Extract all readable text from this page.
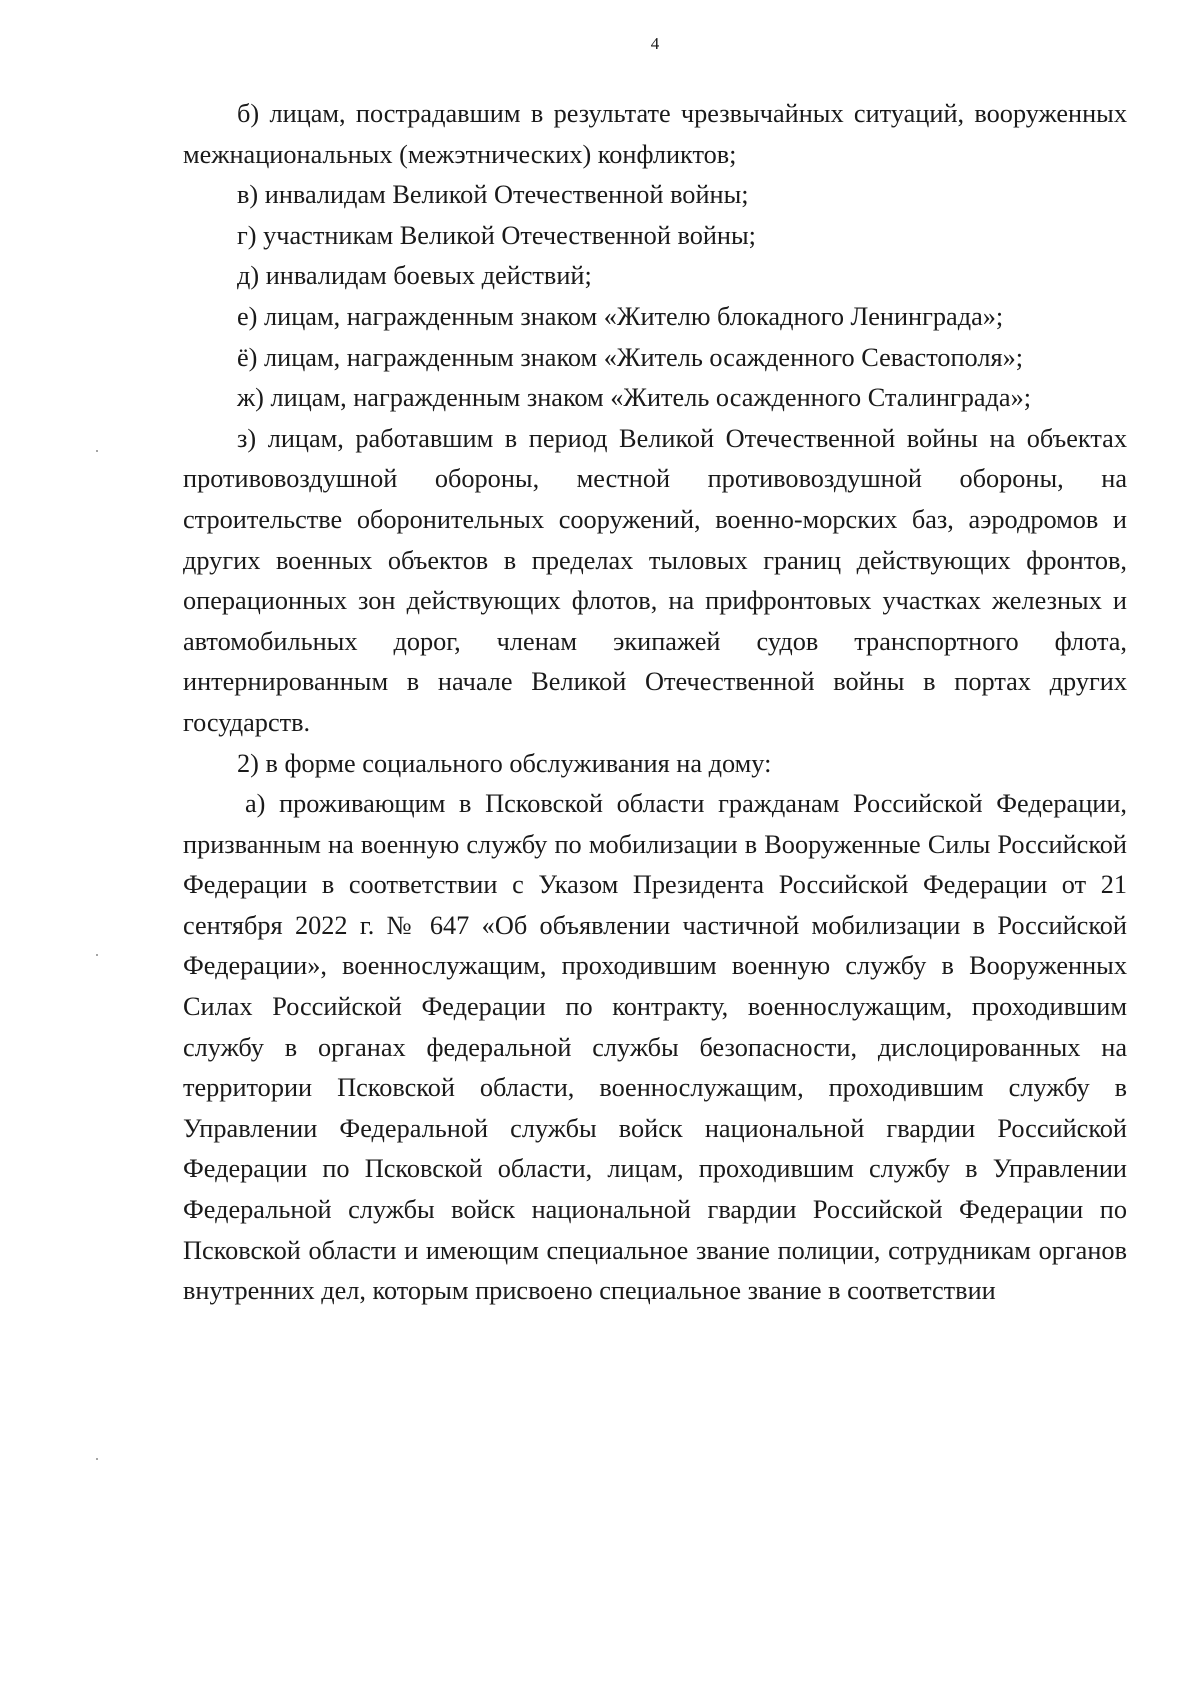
4

б) лицам, пострадавшим в результате чрезвычайных ситуаций, вооруженных межнациональных (межэтнических) конфликтов;

в) инвалидам Великой Отечественной войны;

г) участникам Великой Отечественной войны;

д) инвалидам боевых действий;

е) лицам, награжденным знаком «Жителю блокадного Ленинграда»;

ё) лицам, награжденным знаком «Житель осажденного Севастополя»;

ж) лицам, награжденным знаком «Житель осажденного Сталинграда»;

з) лицам, работавшим в период Великой Отечественной войны на объектах противовоздушной обороны, местной противовоздушной обороны, на строительстве оборонительных сооружений, военно-морских баз, аэродромов и других военных объектов в пределах тыловых границ действующих фронтов, операционных зон действующих флотов, на прифронтовых участках железных и автомобильных дорог, членам экипажей судов транспортного флота, интернированным в начале Великой Отечественной войны в портах других государств.

2) в форме социального обслуживания на дому:

а) проживающим в Псковской области гражданам Российской Федерации, призванным на военную службу по мобилизации в Вооруженные Силы Российской Федерации в соответствии с Указом Президента Российской Федерации от 21 сентября 2022 г. № 647 «Об объявлении частичной мобилизации в Российской Федерации», военнослужащим, проходившим военную службу в Вооруженных Силах Российской Федерации по контракту, военнослужащим, проходившим службу в органах федеральной службы безопасности, дислоцированных на территории Псковской области, военнослужащим, проходившим службу в Управлении Федеральной службы войск национальной гвардии Российской Федерации по Псковской области, лицам, проходившим службу в Управлении Федеральной службы войск национальной гвардии Российской Федерации по Псковской области и имеющим специальное звание полиции, сотрудникам органов внутренних дел, которым присвоено специальное звание в соответствии
